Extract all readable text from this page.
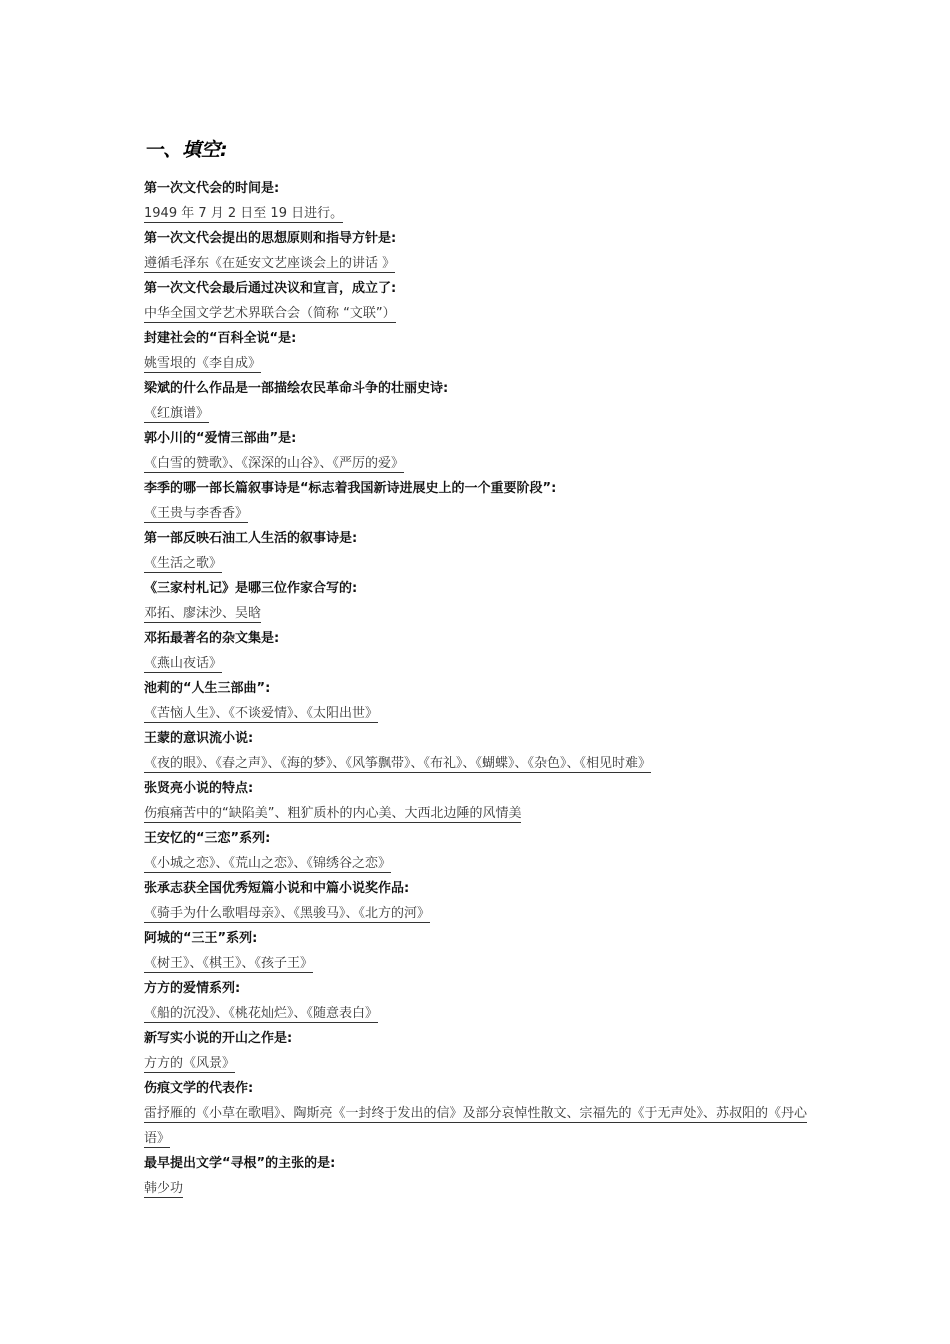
一、填空:
第一次文代会的时间是:
1949 年 7 月 2 日至 19 日进行。
第一次文代会提出的思想原则和指导方针是:
遵循毛泽东《在延安文艺座谈会上的讲话 》
第一次文代会最后通过决议和宣言，成立了:
中华全国文学艺术界联合会（简称 “文联”）
封建社会的“百科全说“是:
姚雪垠的《李自成》
梁斌的什么作品是一部描绘农民革命斗争的壮丽史诗:
《红旗谱》
郭小川的“爱情三部曲”是:
《白雪的赞歌》、《深深的山谷》、《严厉的爱》
李季的哪一部长篇叙事诗是“标志着我国新诗进展史上的一个重要阶段”:
《王贵与李香香》
第一部反映石油工人生活的叙事诗是:
《生活之歌》
《三家村札记》是哪三位作家合写的:
邓拓、廖沫沙、吴晗
邓拓最著名的杂文集是:
《燕山夜话》
池莉的“人生三部曲”:
《苦恼人生》、《不谈爱情》、《太阳出世》
王蒙的意识流小说:
《夜的眼》、《春之声》、《海的梦》、《风筝飘带》、《布礼》、《蝴蝶》、《杂色》、《相见时难》
张贤亮小说的特点:
伤痕痛苦中的“缺陷美”、粗犷质朴的内心美、大西北边陲的风情美
王安忆的“三恋”系列:
《小城之恋》、《荒山之恋》、《锦绣谷之恋》
张承志获全国优秀短篇小说和中篇小说奖作品:
《骑手为什么歌唱母亲》、《黑骏马》、《北方的河》
阿城的“三王”系列:
《树王》、《棋王》、《孩子王》
方方的爱情系列:
《船的沉没》、《桃花灿烂》、《随意表白》
新写实小说的开山之作是:
方方的《风景》
伤痕文学的代表作:
雷抒雁的《小草在歌唱》、陶斯亮《一封终于发出的信》及部分哀悼性散文、宗福先的《于无声处》、苏叔阳的《丹心语》
最早提出文学“寻根”的主张的是:
韩少功
